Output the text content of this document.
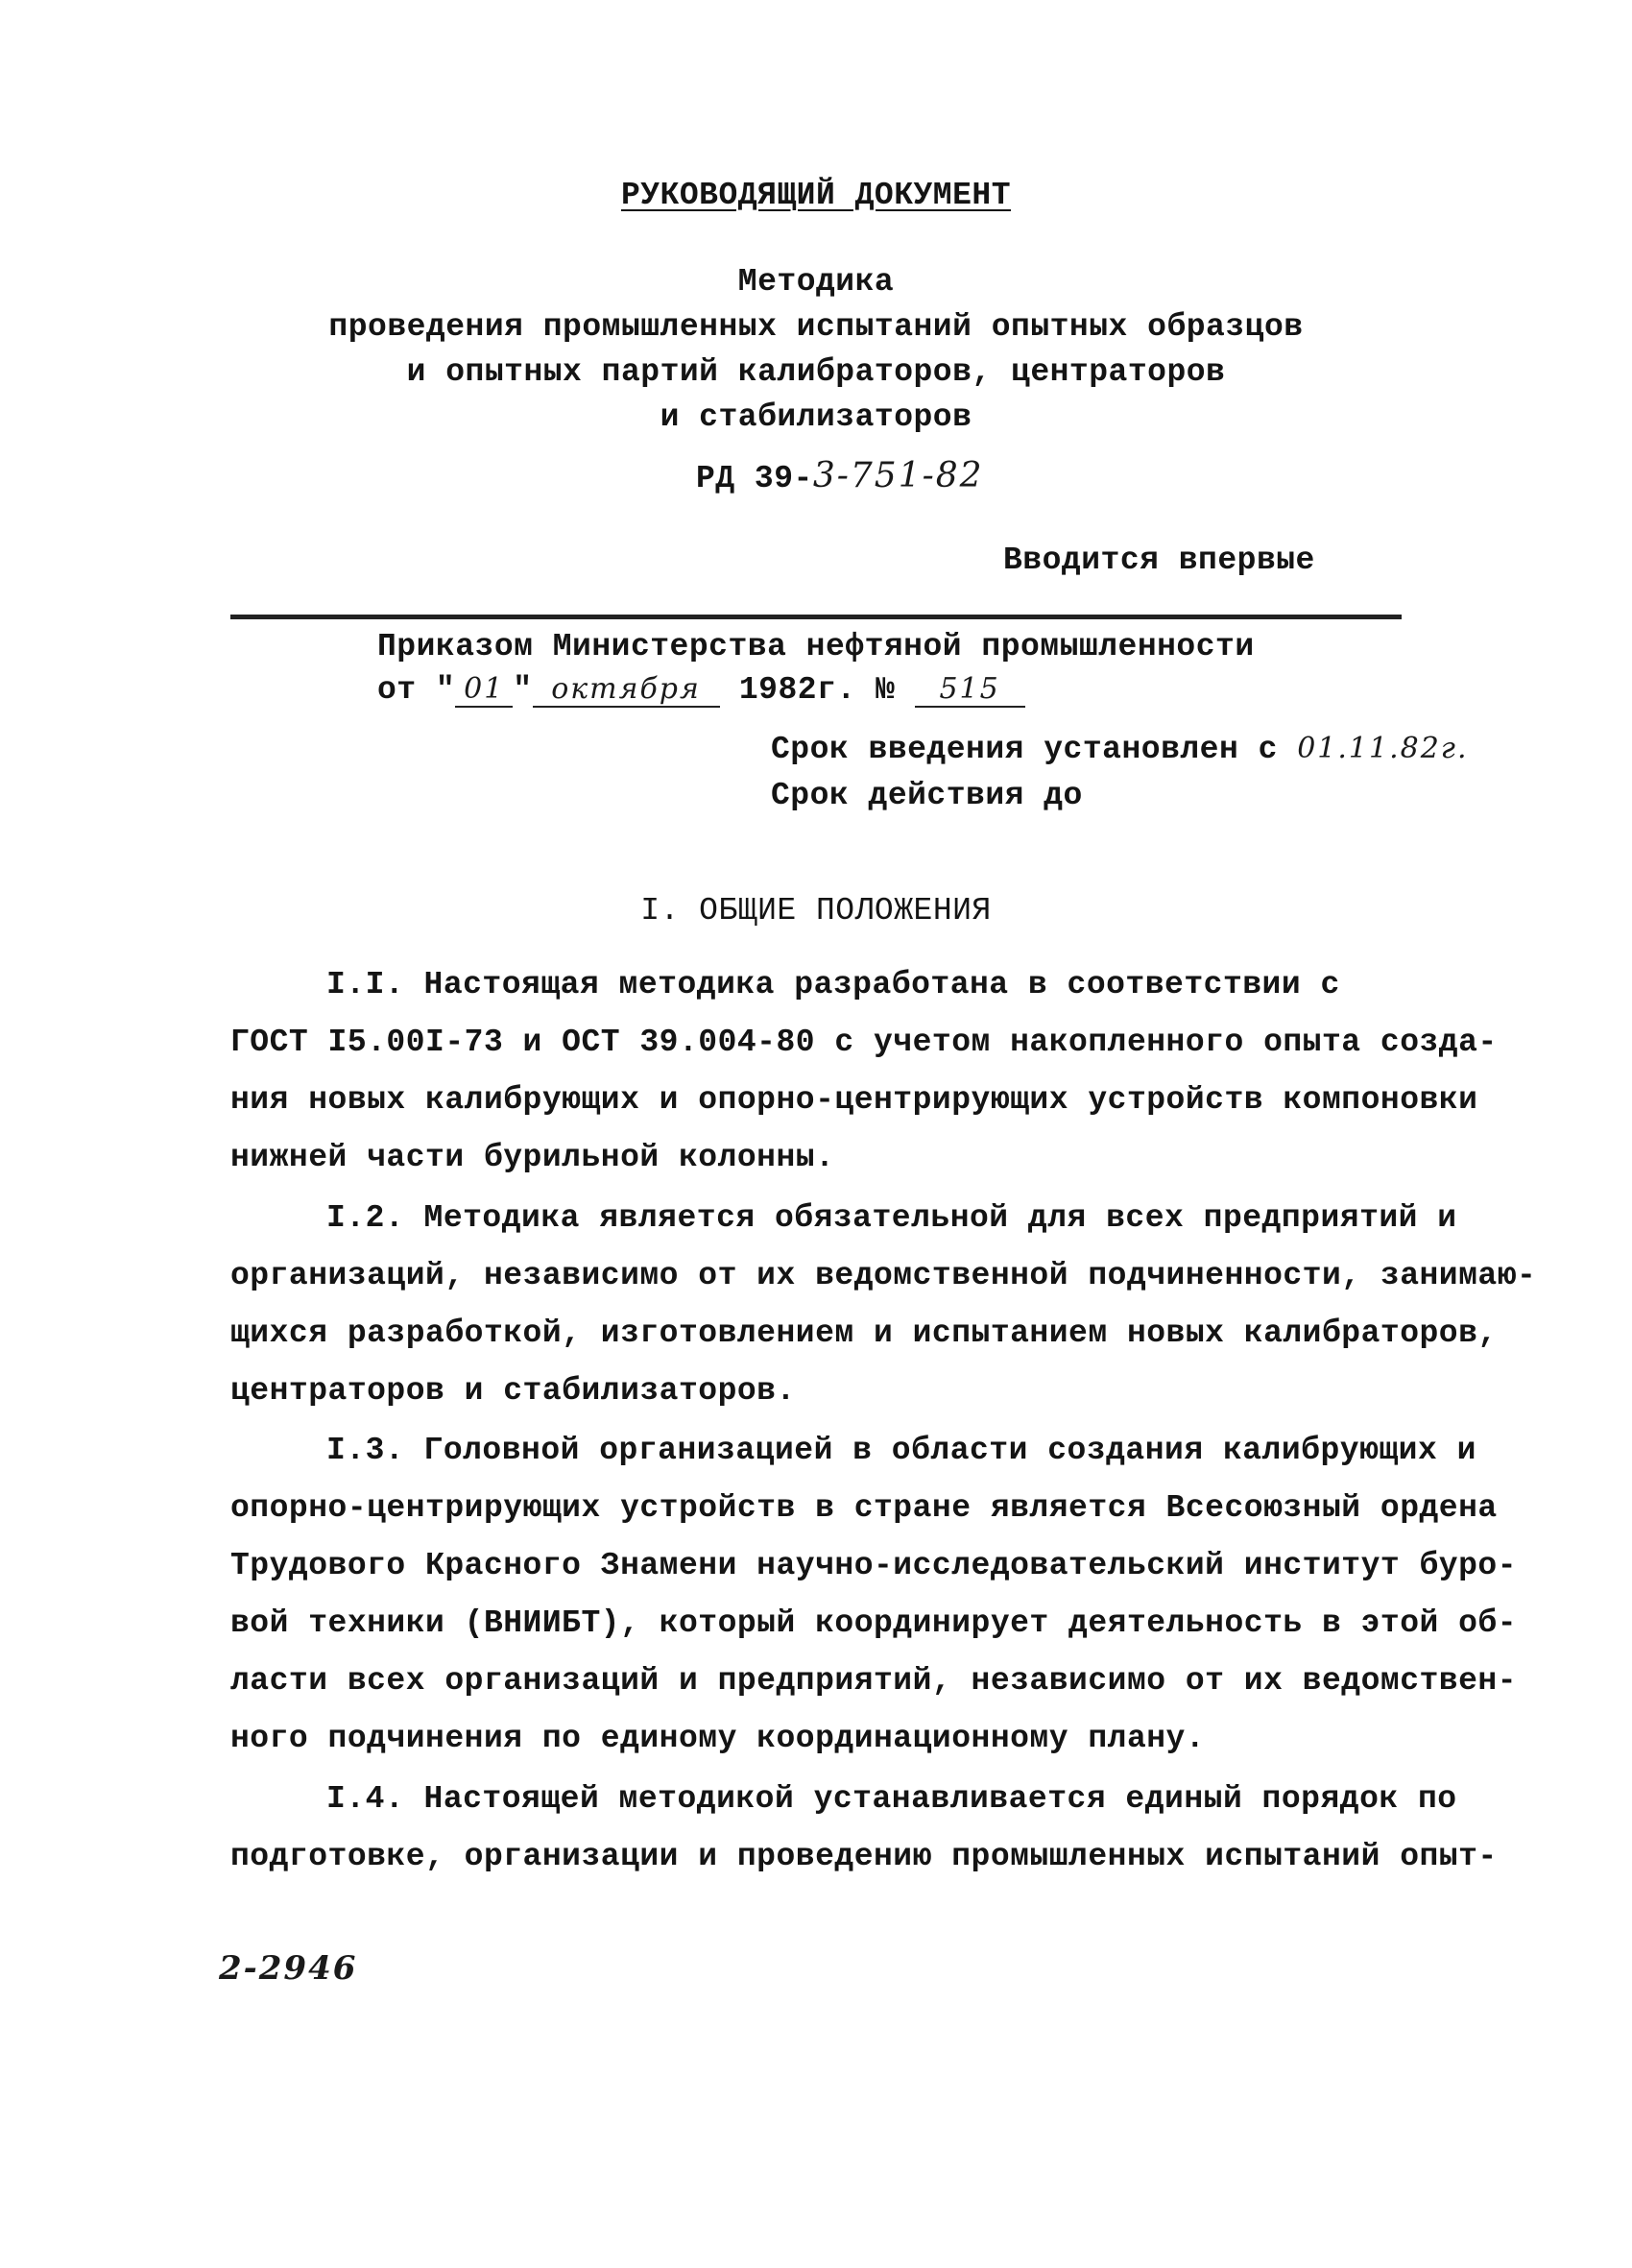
РУКОВОДЯЩИЙ ДОКУМЕНТ
Методика
проведения промышленных испытаний опытных образцов
и опытных партий калибраторов, центраторов
и стабилизаторов
РД 39-3-751-82
Вводится впервые
Приказом Министерства нефтяной промышленности
от " 01 " октября 1982г. № 515
Срок введения установлен с 01.11.82г.
Срок действия до
I. ОБЩИЕ ПОЛОЖЕНИЯ
I.I. Настоящая методика разработана в соответствии с
ГОСТ I5.00I-73 и ОСТ 39.004-80 с учетом накопленного опыта созда-
ния новых калибрующих и опорно-центрирующих устройств компоновки
нижней части бурильной колонны.
I.2. Методика является обязательной для всех предприятий и
организаций, независимо от их ведомственной подчиненности, занимаю-
щихся разработкой, изготовлением и испытанием новых калибраторов,
центраторов и стабилизаторов.
I.3. Головной организацией в области создания калибрующих и
опорно-центрирующих устройств в стране является Всесоюзный ордена
Трудового Красного Знамени научно-исследовательский институт буро-
вой техники (ВНИИБТ), который координирует деятельность в этой об-
ласти всех организаций и предприятий, независимо от их ведомствен-
ного подчинения по единому координационному плану.
I.4. Настоящей методикой устанавливается единый порядок по
подготовке, организации и проведению промышленных испытаний опыт-
2-2946
